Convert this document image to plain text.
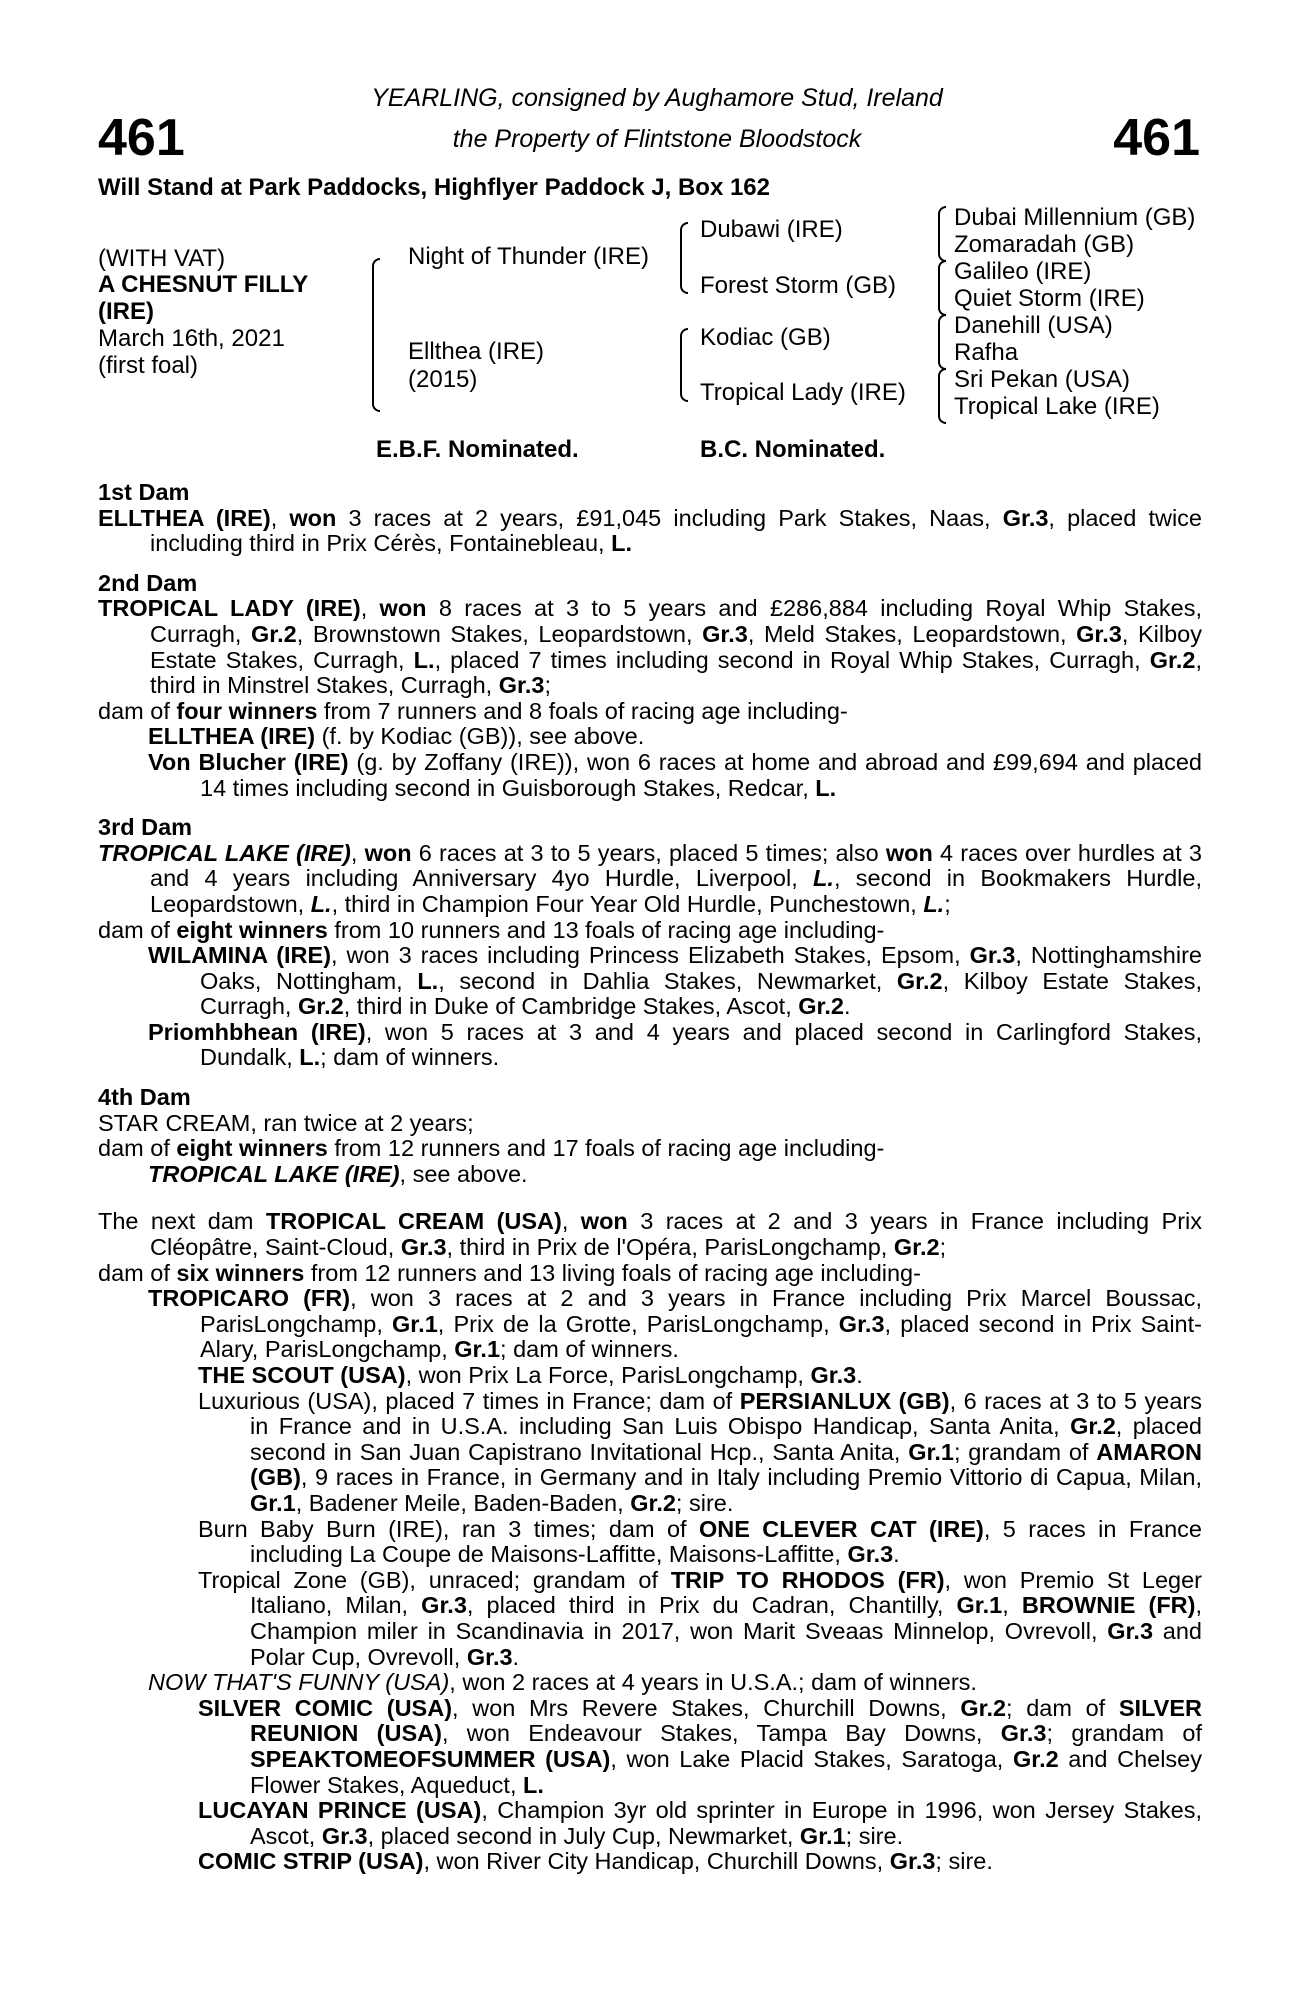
461	461
YEARLING, consigned by Aughamore Stud, Ireland
the Property of Flintstone Bloodstock
Will Stand at Park Paddocks, Highflyer Paddock J, Box 162
(WITH VAT)
A CHESNUT FILLY
(IRE)
March 16th, 2021
(first foal)
Night of Thunder (IRE)
Ellthea (IRE)
(2015)
Dubawi (IRE)
Forest Storm (GB)
Kodiac (GB)
Tropical Lady (IRE)
Dubai Millennium (GB)
Zomaradah (GB)
Galileo (IRE)
Quiet Storm (IRE)
Danehill (USA)
Rafha
Sri Pekan (USA)
Tropical Lake (IRE)
E.B.F. Nominated.	B.C. Nominated.
1st Dam
ELLTHEA (IRE), won 3 races at 2 years, £91,045 including Park Stakes, Naas, Gr.3, placed twice including third in Prix Cérès, Fontainebleau, L.
2nd Dam
TROPICAL LADY (IRE), won 8 races at 3 to 5 years and £286,884 including Royal Whip Stakes, Curragh, Gr.2, Brownstown Stakes, Leopardstown, Gr.3, Meld Stakes, Leopardstown, Gr.3, Kilboy Estate Stakes, Curragh, L., placed 7 times including second in Royal Whip Stakes, Curragh, Gr.2, third in Minstrel Stakes, Curragh, Gr.3;
dam of four winners from 7 runners and 8 foals of racing age including-
ELLTHEA (IRE) (f. by Kodiac (GB)), see above.
Von Blucher (IRE) (g. by Zoffany (IRE)), won 6 races at home and abroad and £99,694 and placed 14 times including second in Guisborough Stakes, Redcar, L.
3rd Dam
TROPICAL LAKE (IRE), won 6 races at 3 to 5 years, placed 5 times; also won 4 races over hurdles at 3 and 4 years including Anniversary 4yo Hurdle, Liverpool, L., second in Bookmakers Hurdle, Leopardstown, L., third in Champion Four Year Old Hurdle, Punchestown, L.;
dam of eight winners from 10 runners and 13 foals of racing age including-
WILAMINA (IRE), won 3 races including Princess Elizabeth Stakes, Epsom, Gr.3, Nottinghamshire Oaks, Nottingham, L., second in Dahlia Stakes, Newmarket, Gr.2, Kilboy Estate Stakes, Curragh, Gr.2, third in Duke of Cambridge Stakes, Ascot, Gr.2.
Priomhbhean (IRE), won 5 races at 3 and 4 years and placed second in Carlingford Stakes, Dundalk, L.; dam of winners.
4th Dam
STAR CREAM, ran twice at 2 years;
dam of eight winners from 12 runners and 17 foals of racing age including-
TROPICAL LAKE (IRE), see above.
The next dam TROPICAL CREAM (USA), won 3 races at 2 and 3 years in France including Prix Cléopâtre, Saint-Cloud, Gr.3, third in Prix de l'Opéra, ParisLongchamp, Gr.2;
dam of six winners from 12 runners and 13 living foals of racing age including-
TROPICARO (FR), won 3 races at 2 and 3 years in France including Prix Marcel Boussac, ParisLongchamp, Gr.1, Prix de la Grotte, ParisLongchamp, Gr.3, placed second in Prix Saint-Alary, ParisLongchamp, Gr.1; dam of winners.
THE SCOUT (USA), won Prix La Force, ParisLongchamp, Gr.3.
Luxurious (USA), placed 7 times in France; dam of PERSIANLUX (GB), 6 races at 3 to 5 years in France and in U.S.A. including San Luis Obispo Handicap, Santa Anita, Gr.2, placed second in San Juan Capistrano Invitational Hcp., Santa Anita, Gr.1; grandam of AMARON (GB), 9 races in France, in Germany and in Italy including Premio Vittorio di Capua, Milan, Gr.1, Badener Meile, Baden-Baden, Gr.2; sire.
Burn Baby Burn (IRE), ran 3 times; dam of ONE CLEVER CAT (IRE), 5 races in France including La Coupe de Maisons-Laffitte, Maisons-Laffitte, Gr.3.
Tropical Zone (GB), unraced; grandam of TRIP TO RHODOS (FR), won Premio St Leger Italiano, Milan, Gr.3, placed third in Prix du Cadran, Chantilly, Gr.1, BROWNIE (FR), Champion miler in Scandinavia in 2017, won Marit Sveaas Minnelop, Ovrevoll, Gr.3 and Polar Cup, Ovrevoll, Gr.3.
NOW THAT'S FUNNY (USA), won 2 races at 4 years in U.S.A.; dam of winners.
SILVER COMIC (USA), won Mrs Revere Stakes, Churchill Downs, Gr.2; dam of SILVER REUNION (USA), won Endeavour Stakes, Tampa Bay Downs, Gr.3; grandam of SPEAKTOMEOFSUMMER (USA), won Lake Placid Stakes, Saratoga, Gr.2 and Chelsey Flower Stakes, Aqueduct, L.
LUCAYAN PRINCE (USA), Champion 3yr old sprinter in Europe in 1996, won Jersey Stakes, Ascot, Gr.3, placed second in July Cup, Newmarket, Gr.1; sire.
COMIC STRIP (USA), won River City Handicap, Churchill Downs, Gr.3; sire.
